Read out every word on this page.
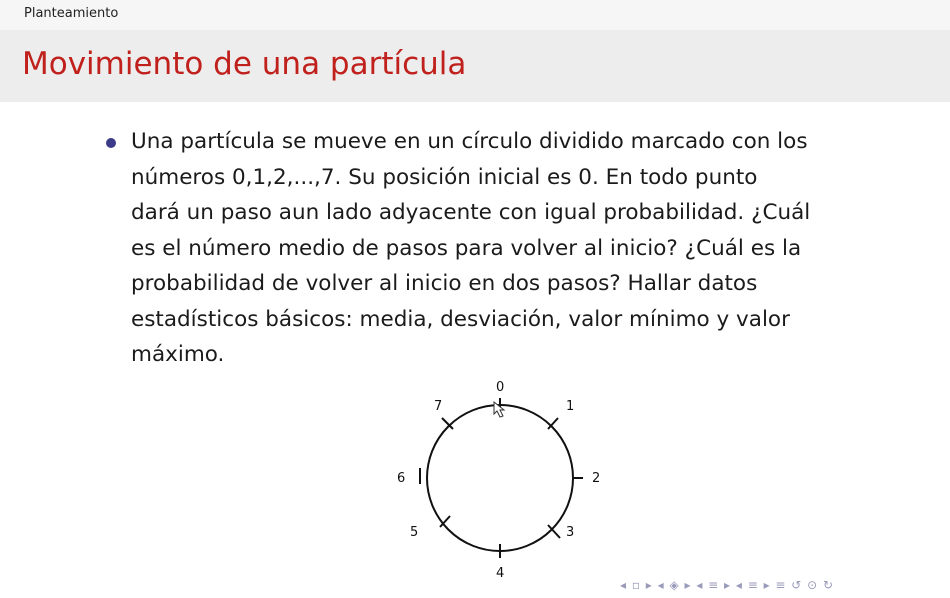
Planteamiento
Movimiento de una partícula
Una partícula se mueve en un círculo dividido marcado con los
números 0,1,2,...,7. Su posición inicial es 0. En todo punto
dará un paso aun lado adyacente con igual probabilidad. ¿Cuál
es el número medio de pasos para volver al inicio? ¿Cuál es la
probabilidad de volver al inicio en dos pasos? Hallar datos
estadísticos básicos: media, desviación, valor mínimo y valor
máximo.
0
1
2
3
4
5
6
7
◂ ▫ ▸ ◂ ◈ ▸ ◂ ≡ ▸ ◂ ≡ ▸ ≡ ↺ ⊙ ↻
